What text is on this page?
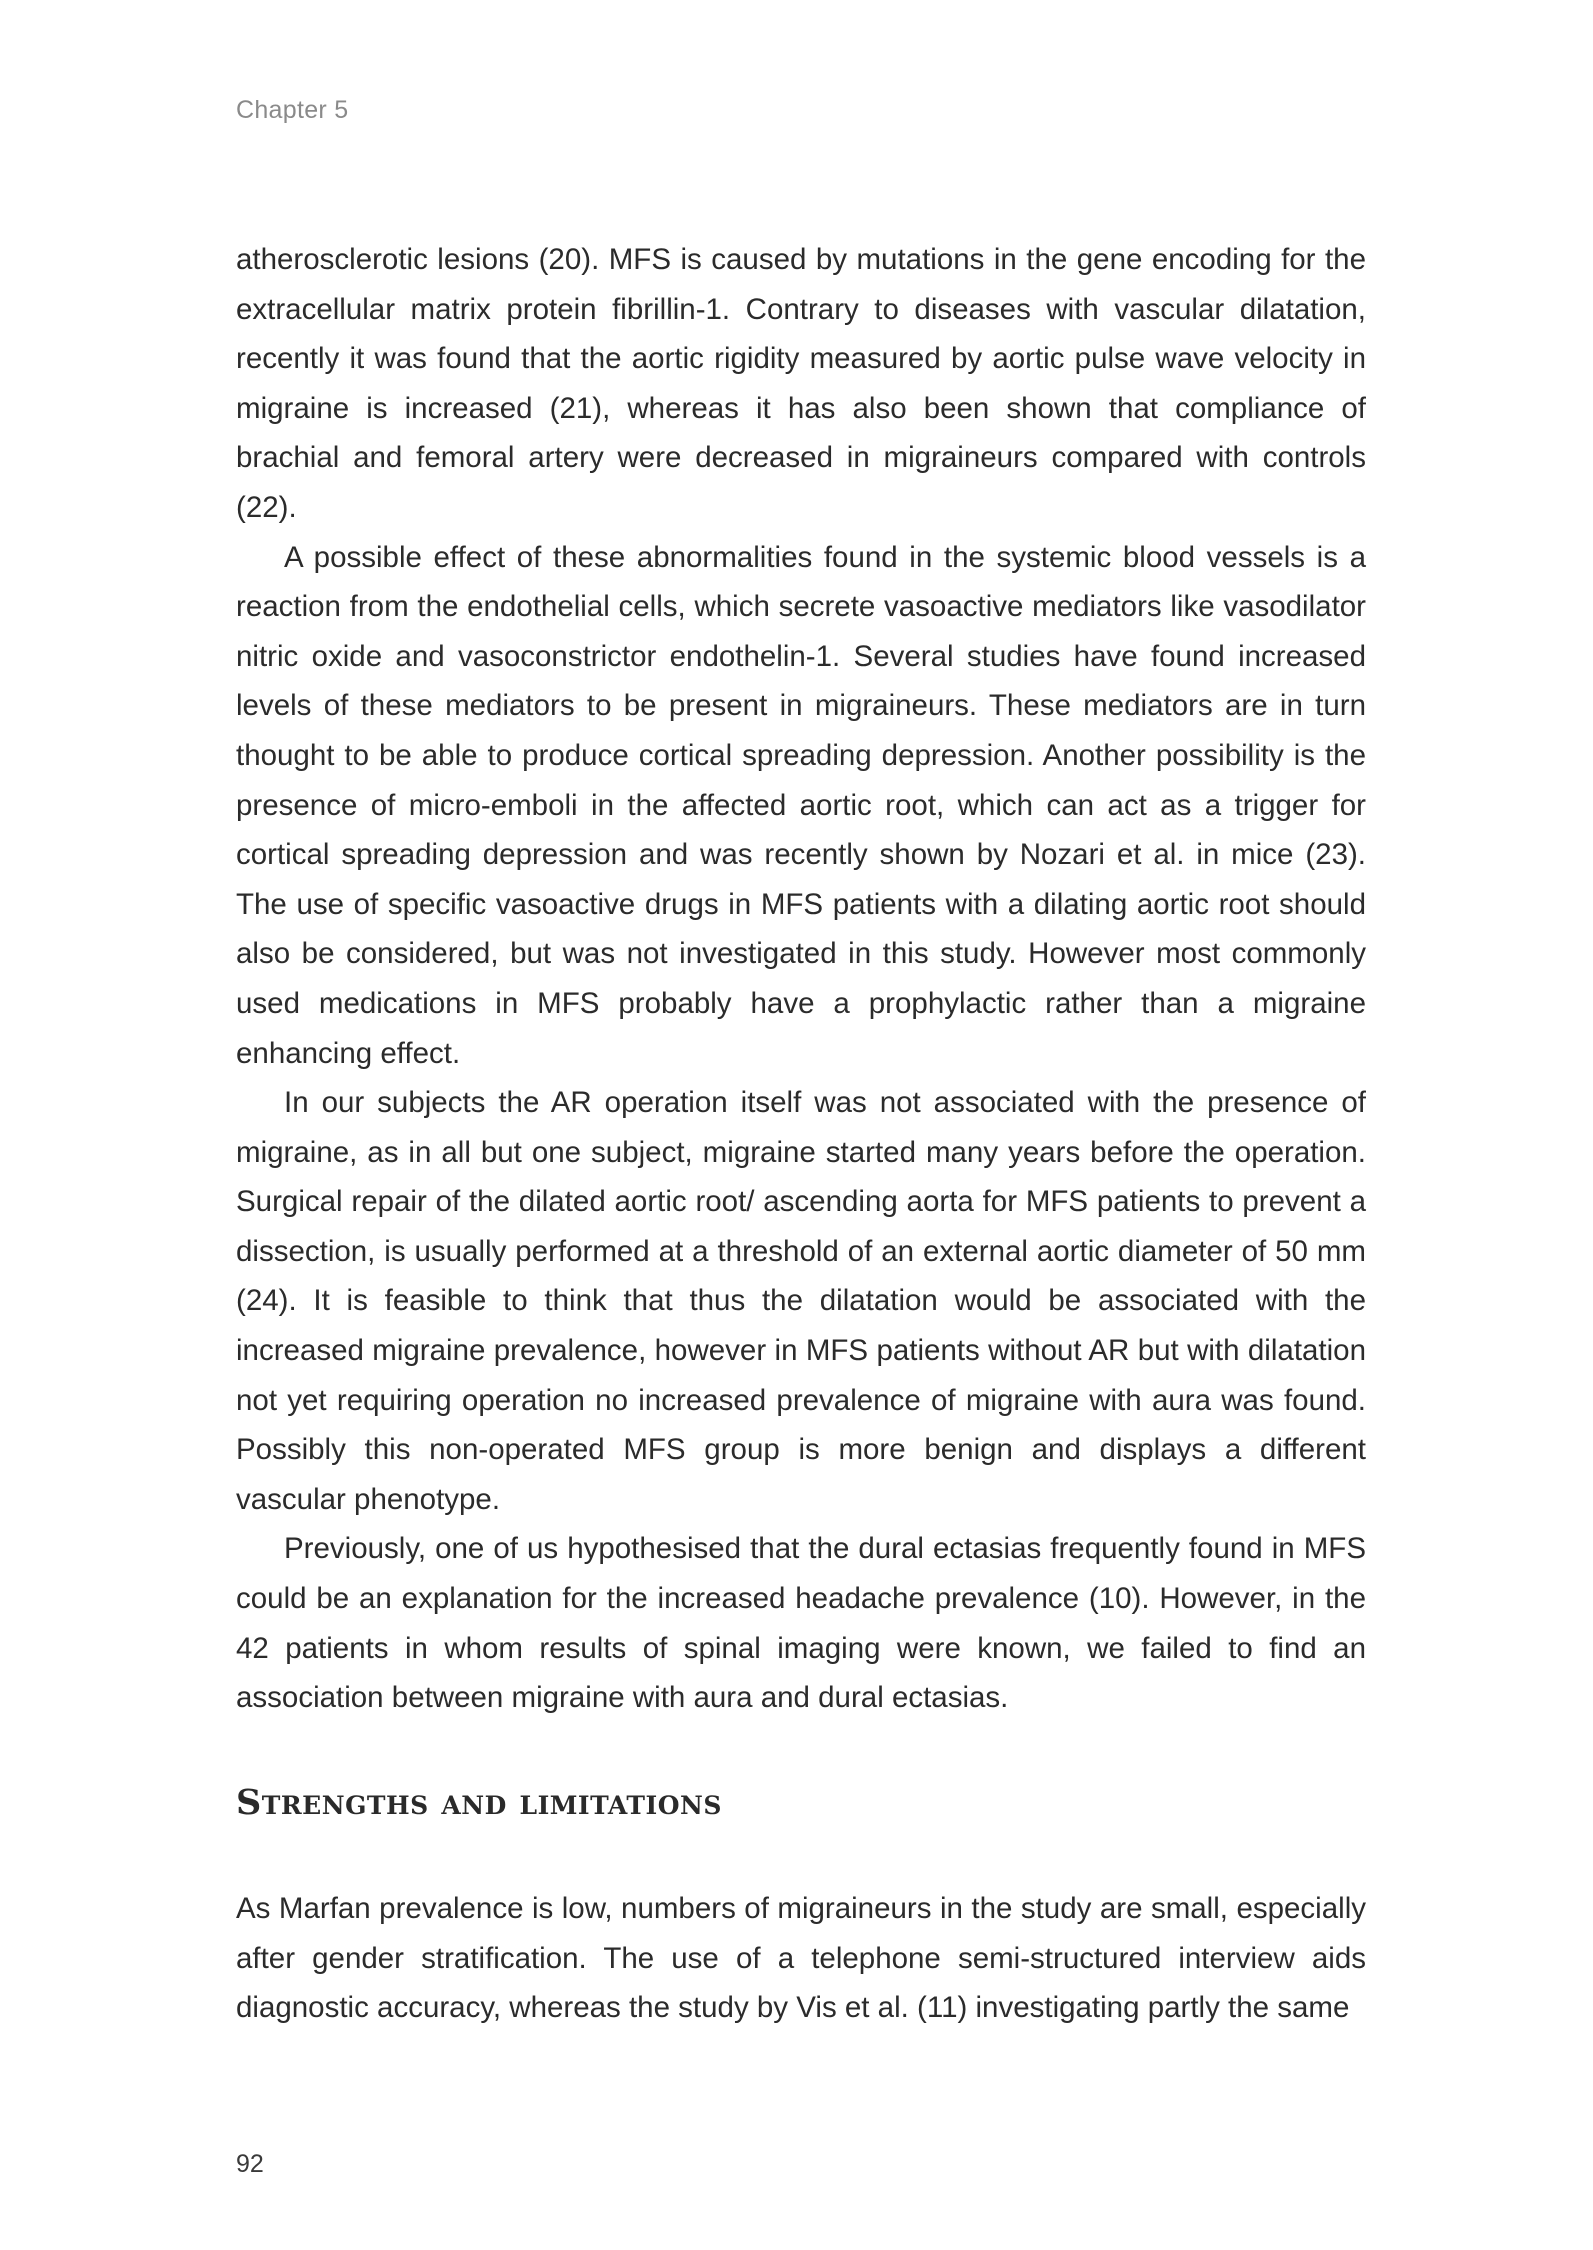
Chapter 5

atherosclerotic lesions (20). MFS is caused by mutations in the gene encoding for the extracellular matrix protein fibrillin-1. Contrary to diseases with vascular dilatation, recently it was found that the aortic rigidity measured by aortic pulse wave velocity in migraine is increased (21), whereas it has also been shown that compliance of brachial and femoral artery were decreased in migraineurs compared with controls (22).

A possible effect of these abnormalities found in the systemic blood vessels is a reaction from the endothelial cells, which secrete vasoactive mediators like vasodilator nitric oxide and vasoconstrictor endothelin-1. Several studies have found increased levels of these mediators to be present in migraineurs. These mediators are in turn thought to be able to produce cortical spreading depression. Another possibility is the presence of micro-emboli in the affected aortic root, which can act as a trigger for cortical spreading depression and was recently shown by Nozari et al. in mice (23). The use of specific vasoactive drugs in MFS patients with a dilating aortic root should also be considered, but was not investigated in this study. However most commonly used medications in MFS probably have a prophylactic rather than a migraine enhancing effect.

In our subjects the AR operation itself was not associated with the presence of migraine, as in all but one subject, migraine started many years before the operation. Surgical repair of the dilated aortic root/ ascending aorta for MFS patients to prevent a dissection, is usually performed at a threshold of an external aortic diameter of 50 mm (24). It is feasible to think that thus the dilatation would be associated with the increased migraine prevalence, however in MFS patients without AR but with dilatation not yet requiring operation no increased prevalence of migraine with aura was found. Possibly this non-operated MFS group is more benign and displays a different vascular phenotype.

Previously, one of us hypothesised that the dural ectasias frequently found in MFS could be an explanation for the increased headache prevalence (10). However, in the 42 patients in whom results of spinal imaging were known, we failed to find an association between migraine with aura and dural ectasias.

Strengths and limitations

As Marfan prevalence is low, numbers of migraineurs in the study are small, especially after gender stratification. The use of a telephone semi-structured interview aids diagnostic accuracy, whereas the study by Vis et al. (11) investigating partly the same

92
